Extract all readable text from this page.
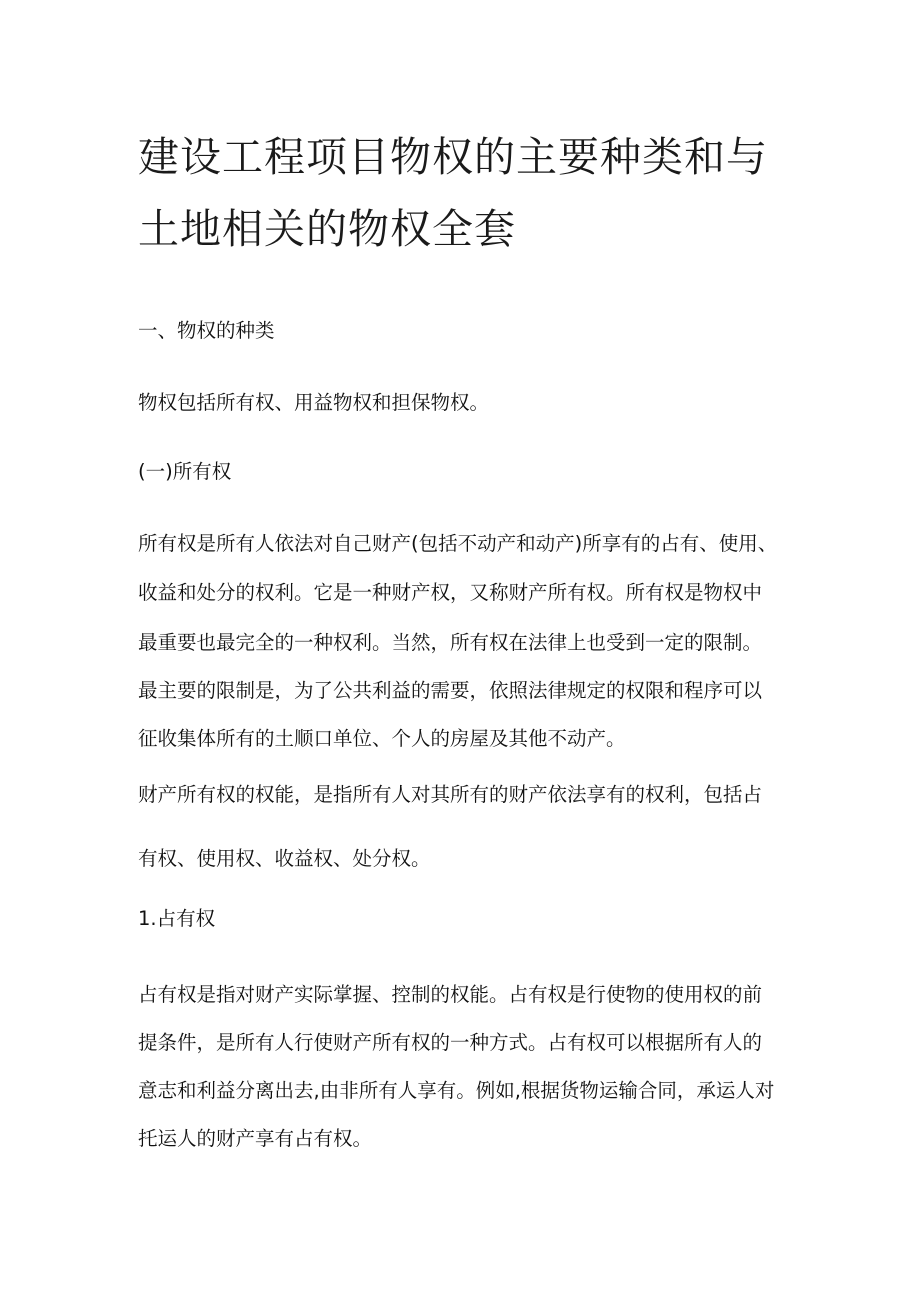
建设工程项目物权的主要种类和与
土地相关的物权全套
一、物权的种类
物权包括所有权、用益物权和担保物权。
(一)所有权
所有权是所有人依法对自己财产(包括不动产和动产)所享有的占有、使用、
收益和处分的权利。它是一种财产权，又称财产所有权。所有权是物权中
最重要也最完全的一种权利。当然，所有权在法律上也受到一定的限制。
最主要的限制是，为了公共利益的需要，依照法律规定的权限和程序可以
征收集体所有的土顺口单位、个人的房屋及其他不动产。
财产所有权的权能，是指所有人对其所有的财产依法享有的权利，包括占
有权、使用权、收益权、处分权。
1.占有权
占有权是指对财产实际掌握、控制的权能。占有权是行使物的使用权的前
提条件，是所有人行使财产所有权的一种方式。占有权可以根据所有人的
意志和利益分离出去,由非所有人享有。例如,根据货物运输合同，承运人对
托运人的财产享有占有权。
